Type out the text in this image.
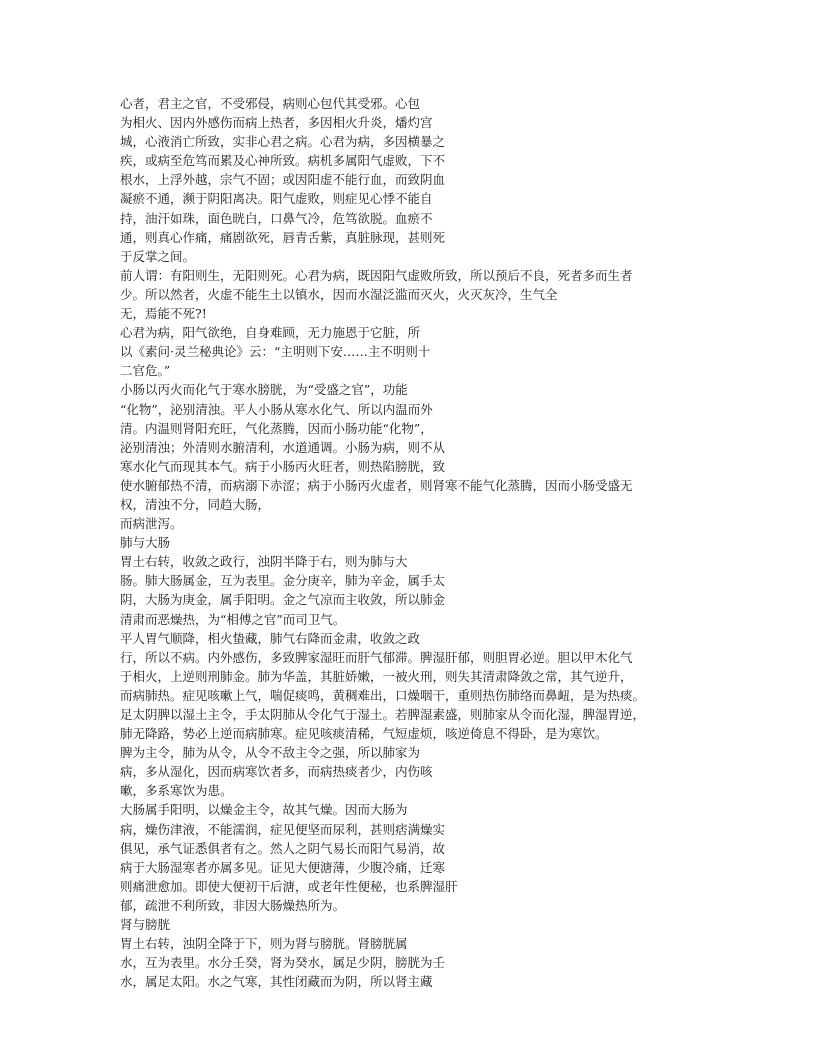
心者，君主之官，不受邪侵，病则心包代其受邪。心包
为相火、因内外感伤而病上热者，多因相火升炎，燔灼宫
城，心液消亡所致，实非心君之病。心君为病，多因横暴之
疾，或病至危笃而累及心神所致。病机多属阳气虚败，下不
根水，上浮外越，宗气不固；或因阳虚不能行血，而致阴血
凝瘀不通，濒于阴阳离决。阳气虚败，则症见心悸不能自
持，油汗如珠，面色晄白，口鼻气冷，危笃欲脱。血瘀不
通，则真心作痛，痛剧欲死，唇青舌紫，真脏脉现，甚则死
于反掌之间。
前人谓：有阳则生，无阳则死。心君为病，既因阳气虚败所致，所以预后不良，死者多而生者
少。所以然者，火虚不能生土以镇水，因而水湿泛滥而灭火，火灭灰冷，生气全
无，焉能不死?!
心君为病，阳气欲绝，自身难顾，无力施恩于它脏，所
以《素问·灵兰秘典论》云：“主明则下安……主不明则十
二官危。”
小肠以丙火而化气于寒水膀胱，为“受盛之官”，功能
“化物”，泌别清浊。平人小肠从寒水化气、所以内温而外
清。内温则肾阳充旺，气化蒸腾，因而小肠功能“化物”，
泌别清浊；外清则水腑清利，水道通调。小肠为病，则不从
寒水化气而现其本气。病于小肠丙火旺者，则热陷膀胱，致
使水腑郁热不清，而病溺下赤涩；病于小肠丙火虚者，则肾寒不能气化蒸腾，因而小肠受盛无
权，清浊不分，同趋大肠，
而病泄泻。
肺与大肠
胃土右转，收敛之政行，浊阴半降于右，则为肺与大
肠。肺大肠属金，互为表里。金分庚辛，肺为辛金，属手太
阴，大肠为庚金，属手阳明。金之气凉而主收敛，所以肺金
清肃而恶燥热，为“相傅之官”而司卫气。
平人胃气顺降，相火蛰藏，肺气右降而金肃，收敛之政
行，所以不病。内外感伤，多致脾家湿旺而肝气郁滞。脾湿肝郁，则胆胃必逆。胆以甲木化气
于相火，上逆则刑肺金。肺为华盖，其脏娇嫩，一被火刑，则失其清肃降敛之常，其气逆升，
而病肺热。症见咳嗽上气，喘促痰鸣，黄稠难出，口燥咽干，重则热伤肺络而鼻衄，是为热痰。
足太阴脾以湿土主令，手太阴肺从令化气于湿土。若脾湿素盛，则肺家从令而化湿，脾湿胃逆，
肺无降路，势必上逆而病肺寒。症见咳痰清稀，气短虚烦，咳逆倚息不得卧，是为寒饮。
脾为主令，肺为从令，从令不敌主令之强，所以肺家为
病，多从湿化，因而病寒饮者多，而病热痰者少，内伤咳
嗽，多系寒饮为患。
大肠属手阳明，以燥金主令，故其气燥。因而大肠为
病，燥伤津液，不能濡润，症见便坚而尿利，甚则痞满燥实
俱见，承气证悉俱者有之。然人之阴气易长而阳气易消，故
病于大肠湿寒者亦属多见。证见大便溏薄，少腹冷痛，迁寒
则痛泄愈加。即使大便初干后溏，或老年性便秘，也系脾湿肝
郁，疏泄不利所致，非因大肠燥热所为。
肾与膀胱
胃土右转，浊阴全降于下，则为肾与膀胱。肾膀胱属
水，互为表里。水分壬癸，肾为癸水，属足少阴，膀胱为壬
水，属足太阳。水之气寒，其性闭藏而为阴，所以肾主藏
